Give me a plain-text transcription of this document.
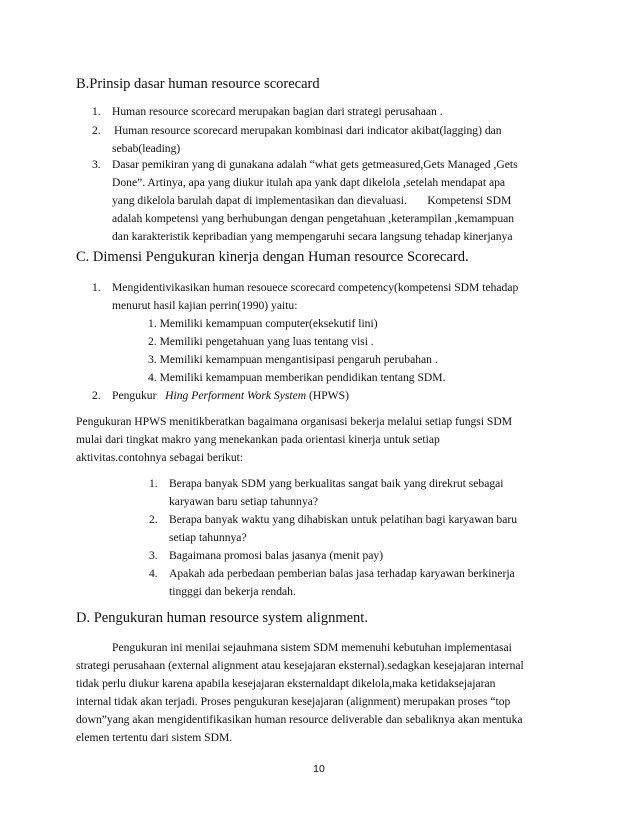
B.Prinsip dasar human resource scorecard
1. Human resource scorecard merupakan bagian dari strategi perusahaan .
2. Human resource scorecard merupakan kombinasi dari indicator akibat(lagging) dan
sebab(leading)
3. Dasar pemikiran yang di gunakana adalah “what gets getmeasured,Gets Managed ,Gets
Done”. Artinya, apa yang diukur itulah apa yank dapt dikelola ,setelah mendapat apa
yang dikelola barulah dapat di implementasikan dan dievaluasi.       Kompetensi SDM
adalah kompetensi yang berhubungan dengan pengetahuan ,keterampilan ,kemampuan
dan karakteristik kepribadian yang mempengaruhi secara langsung tehadap kinerjanya
C. Dimensi Pengukuran kinerja dengan Human resource Scorecard.
1. Mengidentivikasikan human resouece scorecard competency(kompetensi SDM tehadap
menurut hasil kajian perrin(1990) yaitu:
1. Memiliki kemampuan computer(eksekutif lini)
2. Memiliki pengetahuan yang luas tentang visi .
3. Memiliki kemampuan mengantisipasi pengaruh perubahan .
4. Memiliki kemampuan memberikan pendidikan tentang SDM.
2. Pengukur Hing Performent Work System (HPWS)
Pengukuran HPWS menitikberatkan bagaimana organisasi bekerja melalui setiap fungsi SDM
mulai dari tingkat makro yang menekankan pada orientasi kinerja untuk setiap
aktivitas.contohnya sebagai berikut:
1. Berapa banyak SDM yang berkualitas sangat baik yang direkrut sebagai
karyawan baru setiap tahunnya?
2. Berapa banyak waktu yang dihabiskan untuk pelatihan bagi karyawan baru
setiap tahunnya?
3. Bagaimana promosi balas jasanya (menit pay)
4. Apakah ada perbedaan pemberian balas jasa terhadap karyawan berkinerja
tingggi dan bekerja rendah.
D. Pengukuran human resource system alignment.
Pengukuran ini menilai sejauhmana sistem SDM memenuhi kebutuhan implementasai
strategi perusahaan (external alignment atau kesejajaran eksternal).sedagkan kesejajaran internal
tidak perlu diukur karena apabila kesejajaran eksternaldapt dikelola,maka ketidaksejajaran
internal tidak akan terjadi. Proses pengukuran kesejajaran (alignment) merupakan proses “top
down”yang akan mengidentifikasikan human resource deliverable dan sebaliknya akan mentuka
elemen tertentu dari sistem SDM.
10
